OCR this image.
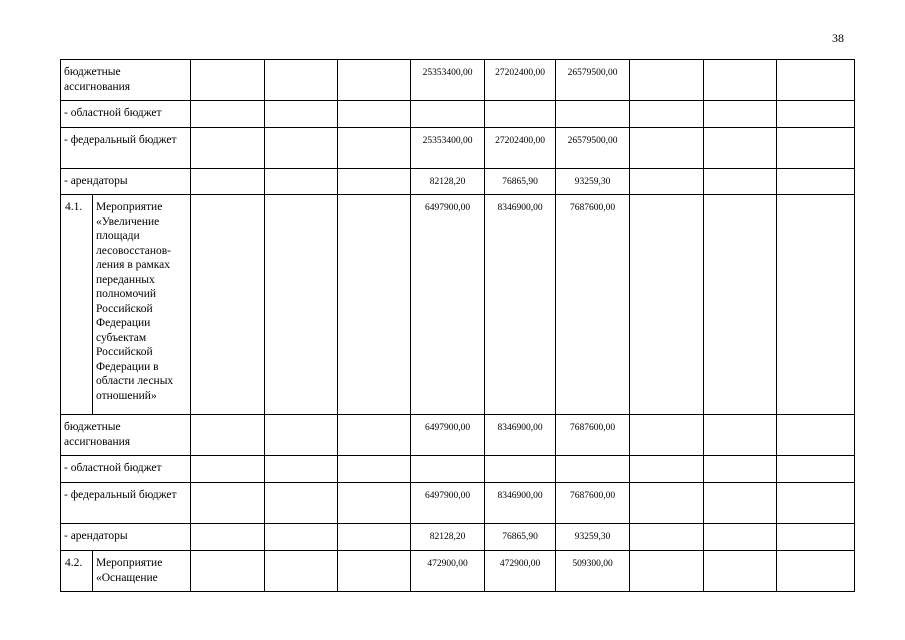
38
бюджетные ассигнования					25353400,00	27202400,00	26579500,00			
- областной бюджет										
- федеральный бюджет					25353400,00	27202400,00	26579500,00			
- арендаторы					82128,20	76865,90	93259,30			
4.1.	Мероприятие «Увеличение площади лесовосстанов-ления в рамках переданных полномочий Российской Федерации субъектам Российской Федерации в области лесных отношений»				6497900,00	8346900,00	7687600,00			
бюджетные ассигнования					6497900,00	8346900,00	7687600,00			
- областной бюджет										
- федеральный бюджет					6497900,00	8346900,00	7687600,00			
- арендаторы					82128,20	76865,90	93259,30			
4.2.	Мероприятие «Оснащение				472900,00	472900,00	509300,00			
